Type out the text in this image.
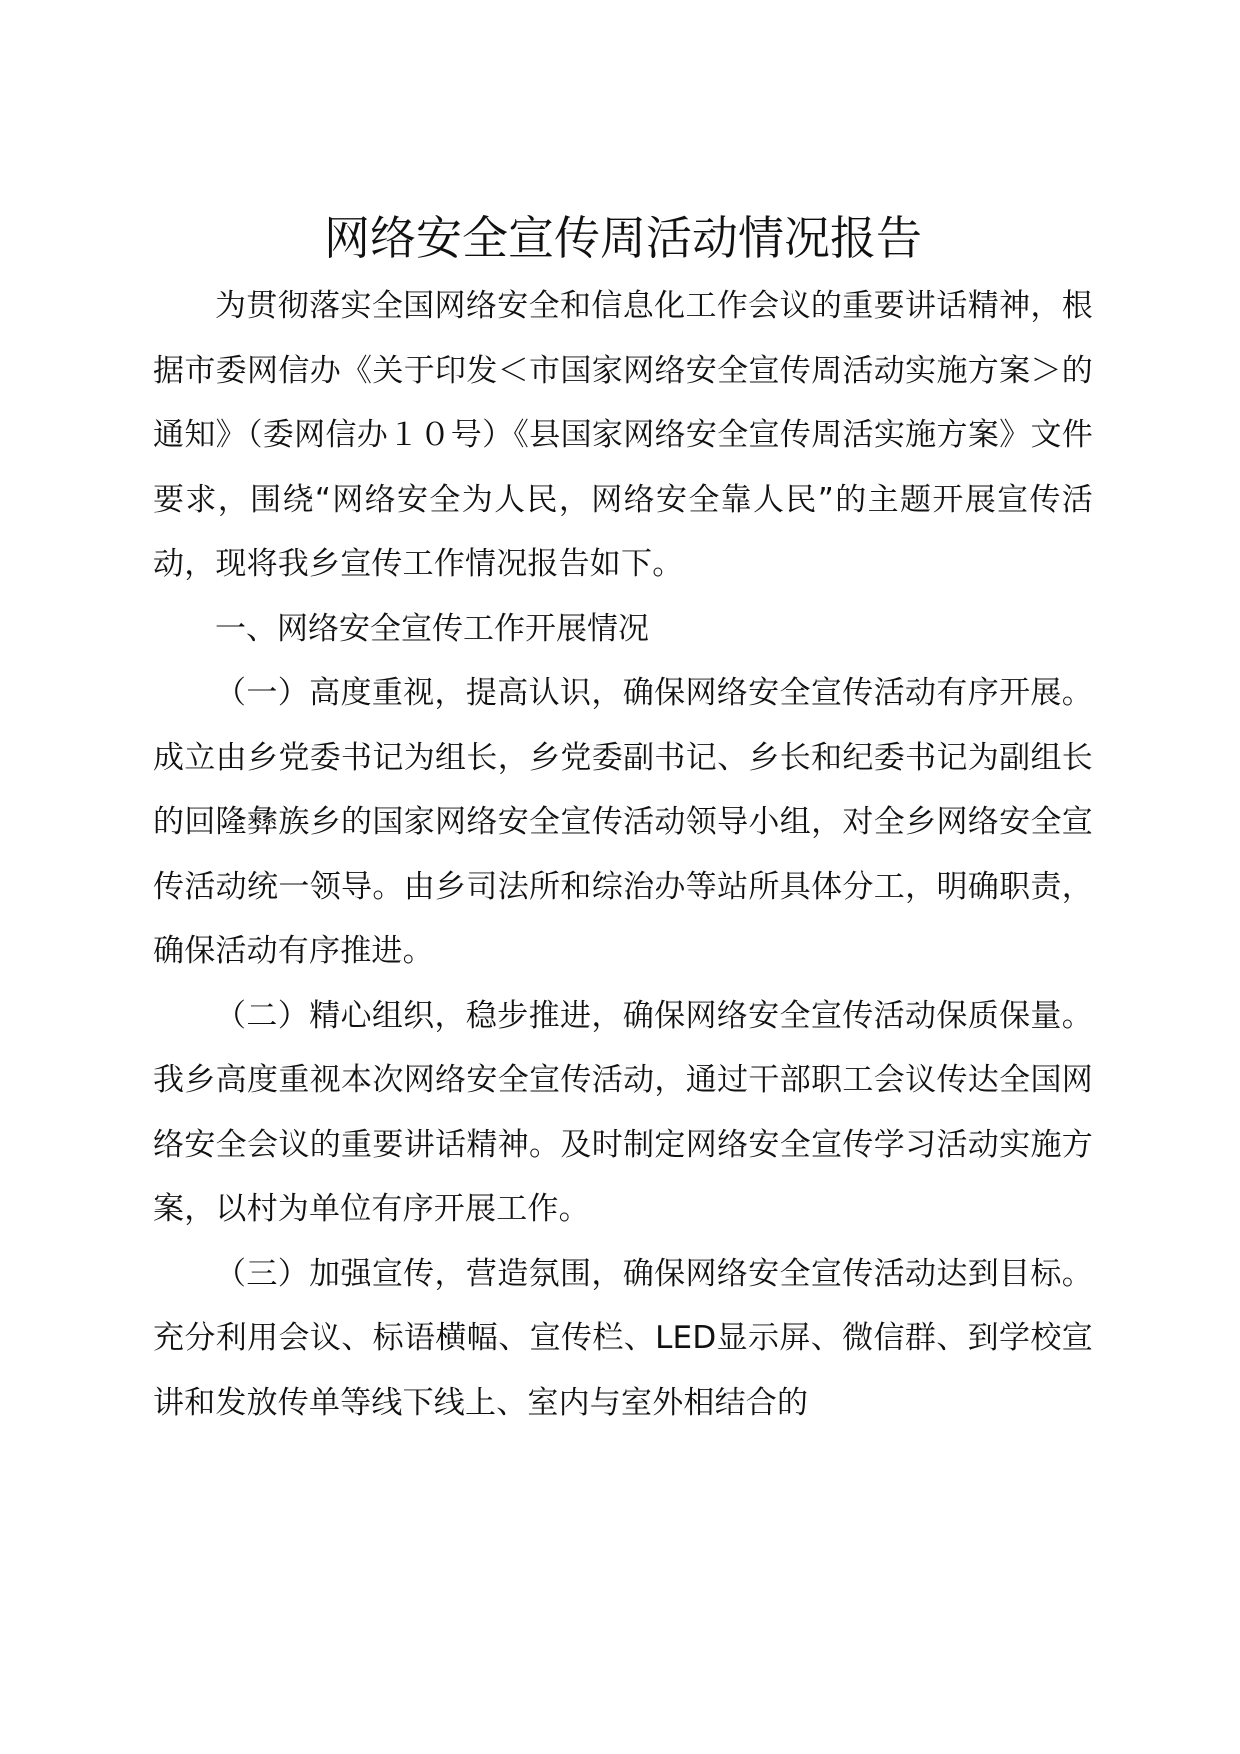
网络安全宣传周活动情况报告

为贯彻落实全国网络安全和信息化工作会议的重要讲话精神，根据市委网信办《关于印发＜市国家网络安全宣传周活动实施方案＞的通知》（委网信办１０号）《县国家网络安全宣传周活实施方案》文件要求，围绕“网络安全为人民，网络安全靠人民”的主题开展宣传活动，现将我乡宣传工作情况报告如下。

一、网络安全宣传工作开展情况

（一）高度重视，提高认识，确保网络安全宣传活动有序开展。成立由乡党委书记为组长，乡党委副书记、乡长和纪委书记为副组长的回隆彝族乡的国家网络安全宣传活动领导小组，对全乡网络安全宣传活动统一领导。由乡司法所和综治办等站所具体分工，明确职责，确保活动有序推进。

（二）精心组织，稳步推进，确保网络安全宣传活动保质保量。我乡高度重视本次网络安全宣传活动，通过干部职工会议传达全国网络安全会议的重要讲话精神。及时制定网络安全宣传学习活动实施方案，以村为单位有序开展工作。

（三）加强宣传，营造氛围，确保网络安全宣传活动达到目标。充分利用会议、标语横幅、宣传栏、LED显示屏、微信群、到学校宣讲和发放传单等线下线上、室内与室外相结合的
